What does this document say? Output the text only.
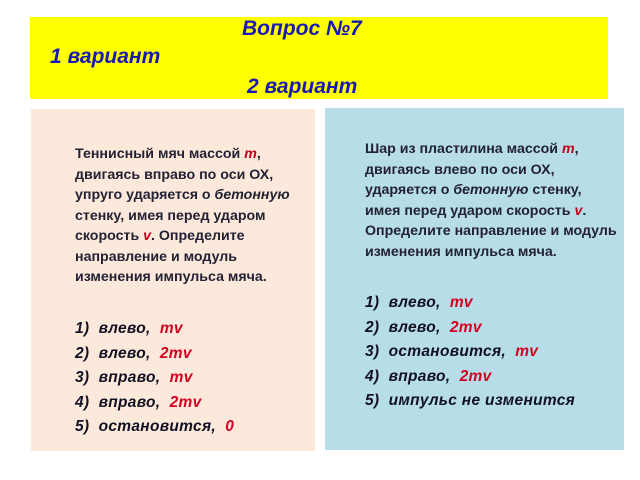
Вопрос №7
1 вариант
2 вариант

Теннисный мяч массой m, двигаясь вправо по оси ОХ, упруго ударяется о бетонную стенку, имея перед ударом скорость v. Определите направление и модуль изменения импульса мяча.

1) влево, mv
2) влево, 2mv
3) вправо, mv
4) вправо, 2mv
5) остановится, 0

Шар из пластилина массой m, двигаясь влево по оси ОХ, ударяется о бетонную стенку, имея перед ударом скорость v. Определите направление и модуль изменения импульса мяча.

1) влево, mv
2) влево, 2mv
3) остановится, mv
4) вправо, 2mv
5) импульс не изменится
